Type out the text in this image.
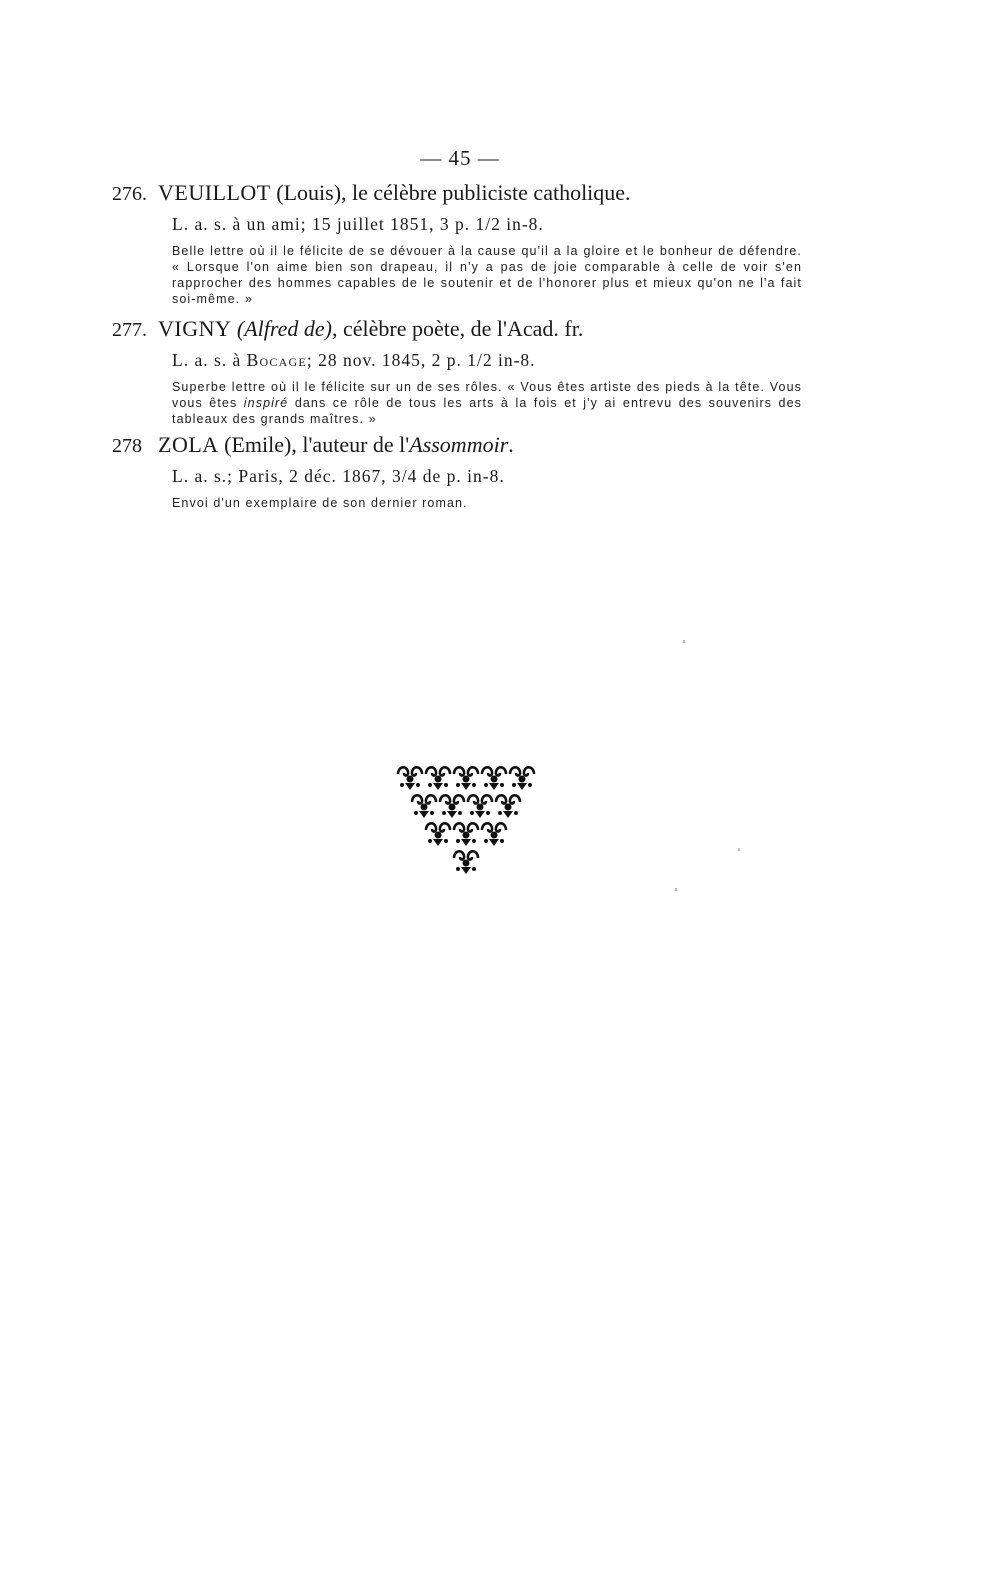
— 45 —
276. VEUILLOT (Louis), le célèbre publiciste catholique.
L. a. s. à un ami; 15 juillet 1851, 3 p. 1/2 in-8.
Belle lettre où il le félicite de se dévouer à la cause qu'il a la gloire et le bonheur de défendre. « Lorsque l'on aime bien son drapeau, il n'y a pas de joie comparable à celle de voir s'en rapprocher des hommes capables de le soutenir et de l'honorer plus et mieux qu'on ne l'a fait soi-même. »
277. VIGNY (Alfred de), célèbre poète, de l'Acad. fr.
L. a. s. à Bocage; 28 nov. 1845, 2 p. 1/2 in-8.
Superbe lettre où il le félicite sur un de ses rôles. « Vous êtes artiste des pieds à la tête. Vous vous êtes inspiré dans ce rôle de tous les arts à la fois et j'y ai entrevu des souvenirs des tableaux des grands maîtres. »
278 ZOLA (Emile), l'auteur de l'Assommoir.
L. a. s.; Paris, 2 déc. 1867, 3/4 de p. in-8.
Envoi d'un exemplaire de son dernier roman.
